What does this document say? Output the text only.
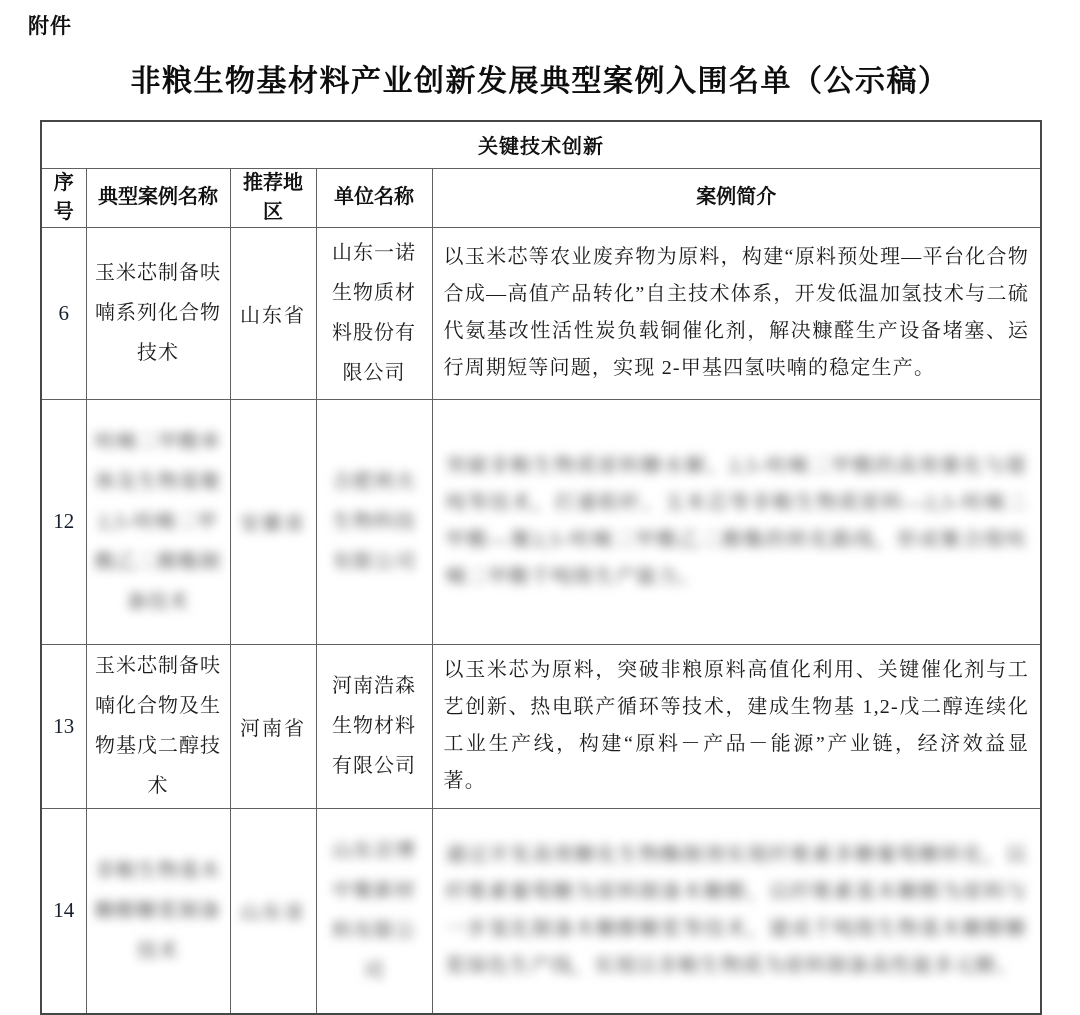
附件
非粮生物基材料产业创新发展典型案例入围名单（公示稿）
关键技术创新				
序号	典型案例名称	推荐地区	单位名称	案例简介
6	玉米芯制备呋喃系列化合物技术	山东省	山东一诺生物质材料股份有限公司	以玉米芯等农业废弃物为原料，构建“原料预处理—平台化合物合成—高值产品转化”自主技术体系，开发低温加氢技术与二硫代氨基改性活性炭负载铜催化剂，解决糠醛生产设备堵塞、运行周期短等问题，实现 2-甲基四氢呋喃的稳定生产。
12	呋喃二甲酸单体及生物基聚2,5-呋喃二甲酸乙二醇酯制备技术	安徽省	合肥利夫生物科技有限公司	突破非粮生物质原料糖水解、2,5-呋喃二甲酸的高效催化与提纯等技术，打通秸秆、玉米芯等非粮生物质原料—2,5-呋喃二甲酸—聚2,5-呋喃二甲酸乙二醇酯的转化路线，形成聚合级呋喃二甲酸千吨级生产能力。

13	玉米芯制备呋喃化合物及生物基戊二醇技术	河南省	河南浩森生物材料有限公司	以玉米芯为原料，突破非粮原料高值化利用、关键催化剂与工艺创新、热电联产循环等技术，建成生物基 1,2-戊二醇连续化工业生产线，构建“原料－产品－能源”产业链，经济效益显著。
14	非粮生物基木糖醇糖浆制备技术	山东省	山东京博中聚新材料有限公司	通过开发高效糖化生物酶制剂实现纤维素多糖葡萄糖转化，以纤维素葡萄糖为原料制备木糖醇，以纤维素基木糖醇为原料与一步氢化制备木糖醇糖浆等技术，建成千吨级生物基木糖醇糖浆绿色生产线，实现以非粮生物质为原料制备高性能多元醇。
